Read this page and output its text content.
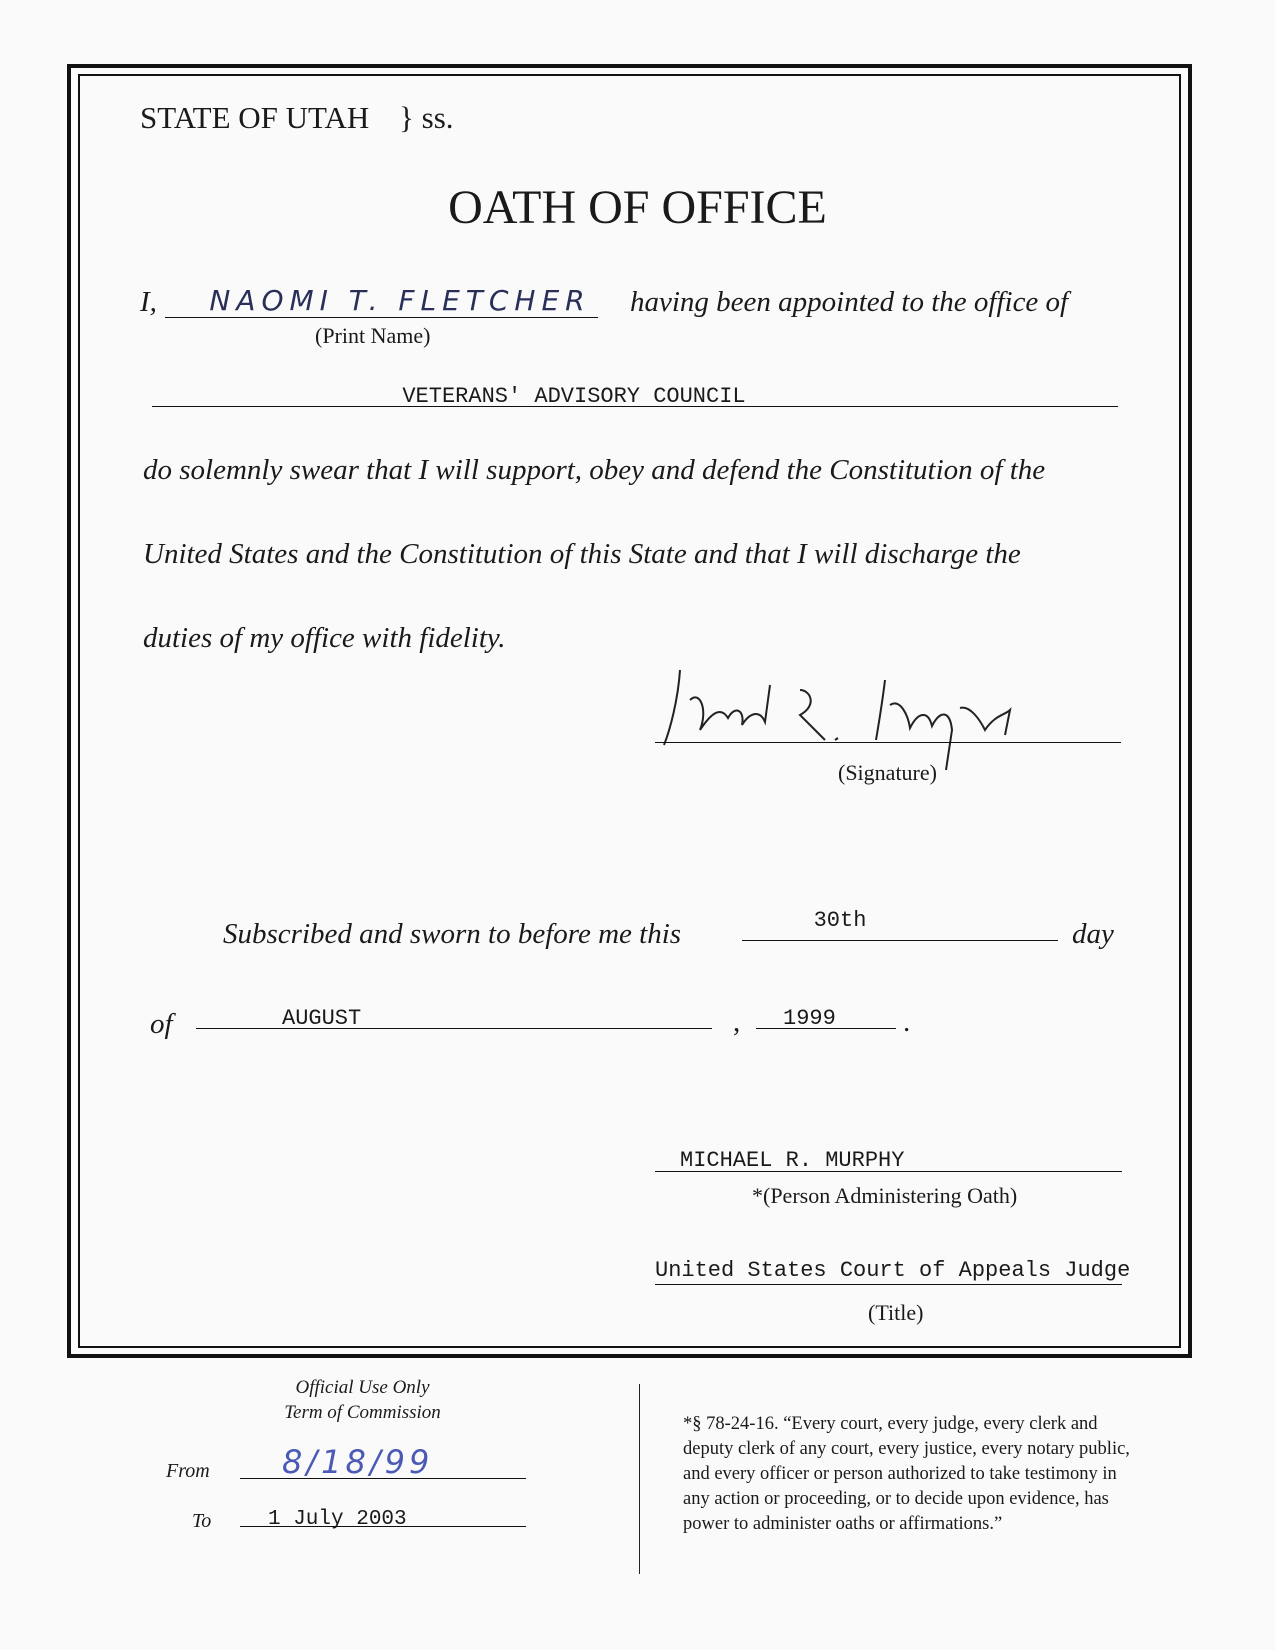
STATE OF UTAH } ss.
OATH OF OFFICE
I,	NAOMI T. FLETCHER
(Print Name)
having been appointed to the office of
VETERANS' ADVISORY COUNCIL
do solemnly swear that I will support, obey and defend the Constitution of the
United States and the Constitution of this State and that I will discharge the
duties of my office with fidelity.
(Signature)
Subscribed and sworn to before me this	30th	day
of	AUGUST	, 1999 .
MICHAEL R. MURPHY
*(Person Administering Oath)
United States Court of Appeals Judge
(Title)
Official Use Only
Term of Commission
From 8/18/99
To	1 July 2003
*§ 78-24-16. “Every court, every judge, every clerk and
deputy clerk of any court, every justice, every notary public,
and every officer or person authorized to take testimony in
any action or proceeding, or to decide upon evidence, has
power to administer oaths or affirmations.”
